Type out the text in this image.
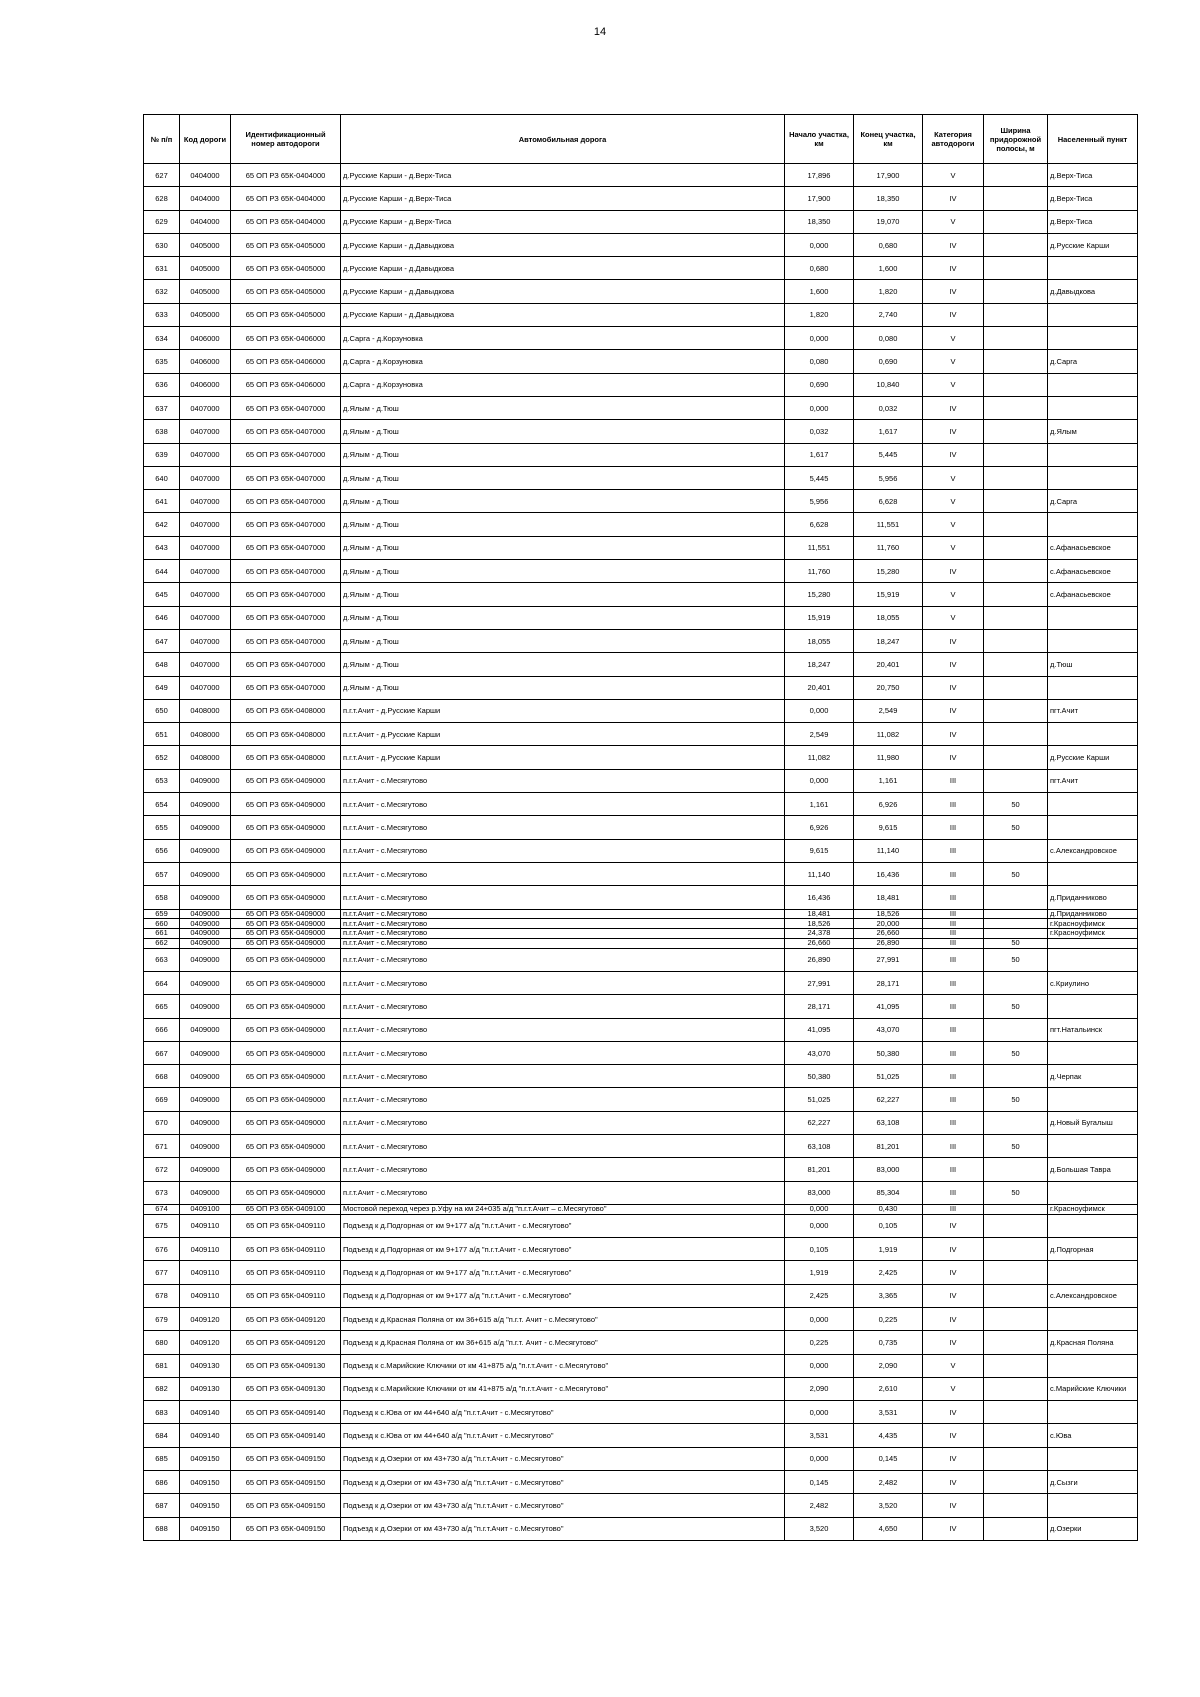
14
№ п/п	Код дороги	Идентификационный номер автодороги	Автомобильная дорога	Начало участка, км	Конец участка, км	Категория автодороги	Ширина придорожной полосы, м	Населенный пункт
627	0404000	65 ОП РЗ 65К-0404000	д.Русские Карши - д.Верх-Тиса	17,896	17,900	V		д.Верх-Тиса
628	0404000	65 ОП РЗ 65К-0404000	д.Русские Карши - д.Верх-Тиса	17,900	18,350	IV		д.Верх-Тиса
629	0404000	65 ОП РЗ 65К-0404000	д.Русские Карши - д.Верх-Тиса	18,350	19,070	V		д.Верх-Тиса
630	0405000	65 ОП РЗ 65К-0405000	д.Русские Карши - д.Давыдкова	0,000	0,680	IV		д.Русские Карши
631	0405000	65 ОП РЗ 65К-0405000	д.Русские Карши - д.Давыдкова	0,680	1,600	IV		
632	0405000	65 ОП РЗ 65К-0405000	д.Русские Карши - д.Давыдкова	1,600	1,820	IV		д.Давыдкова
633	0405000	65 ОП РЗ 65К-0405000	д.Русские Карши - д.Давыдкова	1,820	2,740	IV		
634	0406000	65 ОП РЗ 65К-0406000	д.Сарга - д.Корзуновка	0,000	0,080	V		
635	0406000	65 ОП РЗ 65К-0406000	д.Сарга - д.Корзуновка	0,080	0,690	V		д.Сарга
636	0406000	65 ОП РЗ 65К-0406000	д.Сарга - д.Корзуновка	0,690	10,840	V		
637	0407000	65 ОП РЗ 65К-0407000	д.Ялым - д.Тюш	0,000	0,032	IV		
638	0407000	65 ОП РЗ 65К-0407000	д.Ялым - д.Тюш	0,032	1,617	IV		д.Ялым
639	0407000	65 ОП РЗ 65К-0407000	д.Ялым - д.Тюш	1,617	5,445	IV		
640	0407000	65 ОП РЗ 65К-0407000	д.Ялым - д.Тюш	5,445	5,956	V		
641	0407000	65 ОП РЗ 65К-0407000	д.Ялым - д.Тюш	5,956	6,628	V		д.Сарга
642	0407000	65 ОП РЗ 65К-0407000	д.Ялым - д.Тюш	6,628	11,551	V		
643	0407000	65 ОП РЗ 65К-0407000	д.Ялым - д.Тюш	11,551	11,760	V		с.Афанасьевское
644	0407000	65 ОП РЗ 65К-0407000	д.Ялым - д.Тюш	11,760	15,280	IV		с.Афанасьевское
645	0407000	65 ОП РЗ 65К-0407000	д.Ялым - д.Тюш	15,280	15,919	V		с.Афанасьевское
646	0407000	65 ОП РЗ 65К-0407000	д.Ялым - д.Тюш	15,919	18,055	V		
647	0407000	65 ОП РЗ 65К-0407000	д.Ялым - д.Тюш	18,055	18,247	IV		
648	0407000	65 ОП РЗ 65К-0407000	д.Ялым - д.Тюш	18,247	20,401	IV		д.Тюш
649	0407000	65 ОП РЗ 65К-0407000	д.Ялым - д.Тюш	20,401	20,750	IV		
650	0408000	65 ОП РЗ 65К-0408000	п.г.т.Ачит - д.Русские Карши	0,000	2,549	IV		пгт.Ачит
651	0408000	65 ОП РЗ 65К-0408000	п.г.т.Ачит - д.Русские Карши	2,549	11,082	IV		
652	0408000	65 ОП РЗ 65К-0408000	п.г.т.Ачит - д.Русские Карши	11,082	11,980	IV		д.Русские Карши
653	0409000	65 ОП РЗ 65К-0409000	п.г.т.Ачит - с.Месягутово	0,000	1,161	III		пгт.Ачит
654	0409000	65 ОП РЗ 65К-0409000	п.г.т.Ачит - с.Месягутово	1,161	6,926	III	50	
655	0409000	65 ОП РЗ 65К-0409000	п.г.т.Ачит - с.Месягутово	6,926	9,615	III	50	
656	0409000	65 ОП РЗ 65К-0409000	п.г.т.Ачит - с.Месягутово	9,615	11,140	III		с.Александровское
657	0409000	65 ОП РЗ 65К-0409000	п.г.т.Ачит - с.Месягутово	11,140	16,436	III	50	
658	0409000	65 ОП РЗ 65К-0409000	п.г.т.Ачит - с.Месягутово	16,436	18,481	III		д.Приданниково
659	0409000	65 ОП РЗ 65К-0409000	п.г.т.Ачит - с.Месягутово	18,481	18,526	III		д.Приданниково
660	0409000	65 ОП РЗ 65К-0409000	п.г.т.Ачит - с.Месягутово	18,526	20,000	III		г.Красноуфимск
661	0409000	65 ОП РЗ 65К-0409000	п.г.т.Ачит - с.Месягутово	24,378	26,660	III		г.Красноуфимск
662	0409000	65 ОП РЗ 65К-0409000	п.г.т.Ачит - с.Месягутово	26,660	26,890	III	50	
663	0409000	65 ОП РЗ 65К-0409000	п.г.т.Ачит - с.Месягутово	26,890	27,991	III	50	
664	0409000	65 ОП РЗ 65К-0409000	п.г.т.Ачит - с.Месягутово	27,991	28,171	III		с.Криулино
665	0409000	65 ОП РЗ 65К-0409000	п.г.т.Ачит - с.Месягутово	28,171	41,095	III	50	
666	0409000	65 ОП РЗ 65К-0409000	п.г.т.Ачит - с.Месягутово	41,095	43,070	III		пгт.Натальинск
667	0409000	65 ОП РЗ 65К-0409000	п.г.т.Ачит - с.Месягутово	43,070	50,380	III	50	
668	0409000	65 ОП РЗ 65К-0409000	п.г.т.Ачит - с.Месягутово	50,380	51,025	III		д.Черпак
669	0409000	65 ОП РЗ 65К-0409000	п.г.т.Ачит - с.Месягутово	51,025	62,227	III	50	
670	0409000	65 ОП РЗ 65К-0409000	п.г.т.Ачит - с.Месягутово	62,227	63,108	III		д.Новый Бугалыш
671	0409000	65 ОП РЗ 65К-0409000	п.г.т.Ачит - с.Месягутово	63,108	81,201	III	50	
672	0409000	65 ОП РЗ 65К-0409000	п.г.т.Ачит - с.Месягутово	81,201	83,000	III		д.Большая Тавра
673	0409000	65 ОП РЗ 65К-0409000	п.г.т.Ачит - с.Месягутово	83,000	85,304	III	50	
674	0409100	65 ОП РЗ 65К-0409100	Мостовой переход через р.Уфу на км 24+035 а/д "п.г.т.Ачит – с.Месягутово"	0,000	0,430	III		г.Красноуфимск
675	0409110	65 ОП РЗ 65К-0409110	Подъезд к д.Подгорная от км 9+177 а/д "п.г.т.Ачит - с.Месягутово"	0,000	0,105	IV		
676	0409110	65 ОП РЗ 65К-0409110	Подъезд к д.Подгорная от км 9+177 а/д "п.г.т.Ачит - с.Месягутово"	0,105	1,919	IV		д.Подгорная
677	0409110	65 ОП РЗ 65К-0409110	Подъезд к д.Подгорная от км 9+177 а/д "п.г.т.Ачит - с.Месягутово"	1,919	2,425	IV		
678	0409110	65 ОП РЗ 65К-0409110	Подъезд к д.Подгорная от км 9+177 а/д "п.г.т.Ачит - с.Месягутово"	2,425	3,365	IV		с.Александровское
679	0409120	65 ОП РЗ 65К-0409120	Подъезд к д.Красная Поляна от км 36+615 а/д "п.г.т. Ачит - с.Месягутово"	0,000	0,225	IV		
680	0409120	65 ОП РЗ 65К-0409120	Подъезд к д.Красная Поляна от км 36+615 а/д "п.г.т. Ачит - с.Месягутово"	0,225	0,735	IV		д.Красная Поляна
681	0409130	65 ОП РЗ 65К-0409130	Подъезд к с.Марийские Ключики от км 41+875 а/д "п.г.т.Ачит - с.Месягутово"	0,000	2,090	V		
682	0409130	65 ОП РЗ 65К-0409130	Подъезд к с.Марийские Ключики от км 41+875 а/д "п.г.т.Ачит - с.Месягутово"	2,090	2,610	V		с.Марийские Ключики
683	0409140	65 ОП РЗ 65К-0409140	Подъезд к с.Юва от км 44+640 а/д "п.г.т.Ачит - с.Месягутово"	0,000	3,531	IV		
684	0409140	65 ОП РЗ 65К-0409140	Подъезд к с.Юва от км 44+640 а/д "п.г.т.Ачит - с.Месягутово"	3,531	4,435	IV		с.Юва
685	0409150	65 ОП РЗ 65К-0409150	Подъезд к д.Озерки от км 43+730 а/д "п.г.т.Ачит - с.Месягутово"	0,000	0,145	IV		
686	0409150	65 ОП РЗ 65К-0409150	Подъезд к д.Озерки от км 43+730 а/д "п.г.т.Ачит - с.Месягутово"	0,145	2,482	IV		д.Сызги
687	0409150	65 ОП РЗ 65К-0409150	Подъезд к д.Озерки от км 43+730 а/д "п.г.т.Ачит - с.Месягутово"	2,482	3,520	IV		
688	0409150	65 ОП РЗ 65К-0409150	Подъезд к д.Озерки от км 43+730 а/д "п.г.т.Ачит - с.Месягутово"	3,520	4,650	IV		д.Озерки
